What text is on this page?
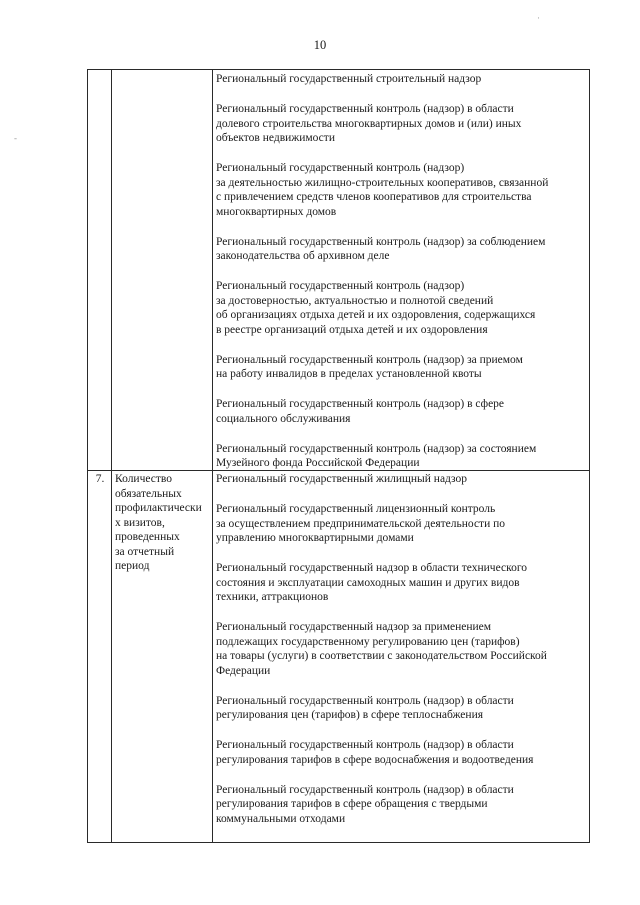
10
·
-
Региональный государственный строительный надзор
Региональный государственный контроль (надзор) в области
долевого строительства многоквартирных домов и (или) иных
объектов недвижимости
Региональный государственный контроль (надзор)
за деятельностью жилищно-строительных кооперативов, связанной
с привлечением средств членов кооперативов для строительства
многоквартирных домов
Региональный государственный контроль (надзор) за соблюдением
законодательства об архивном деле
Региональный государственный контроль (надзор)
за достоверностью, актуальностью и полнотой сведений
об организациях отдыха детей и их оздоровления, содержащихся
в реестре организаций отдыха детей и их оздоровления
Региональный государственный контроль (надзор) за приемом
на работу инвалидов в пределах установленной квоты
Региональный государственный контроль (надзор) в сфере
социального обслуживания
Региональный государственный контроль (надзор) за состоянием
Музейного фонда Российской Федерации
7. Количество
обязательных
профилактически
х визитов,
проведенных
за отчетный
период
Региональный государственный жилищный надзор
Региональный государственный лицензионный контроль
за осуществлением предпринимательской деятельности по
управлению многоквартирными домами
Региональный государственный надзор в области технического
состояния и эксплуатации самоходных машин и других видов
техники, аттракционов
Региональный государственный надзор за применением
подлежащих государственному регулированию цен (тарифов)
на товары (услуги) в соответствии с законодательством Российской
Федерации
Региональный государственный контроль (надзор) в области
регулирования цен (тарифов) в сфере теплоснабжения
Региональный государственный контроль (надзор) в области
регулирования тарифов в сфере водоснабжения и водоотведения
Региональный государственный контроль (надзор) в области
регулирования тарифов в сфере обращения с твердыми
коммунальными отходами
